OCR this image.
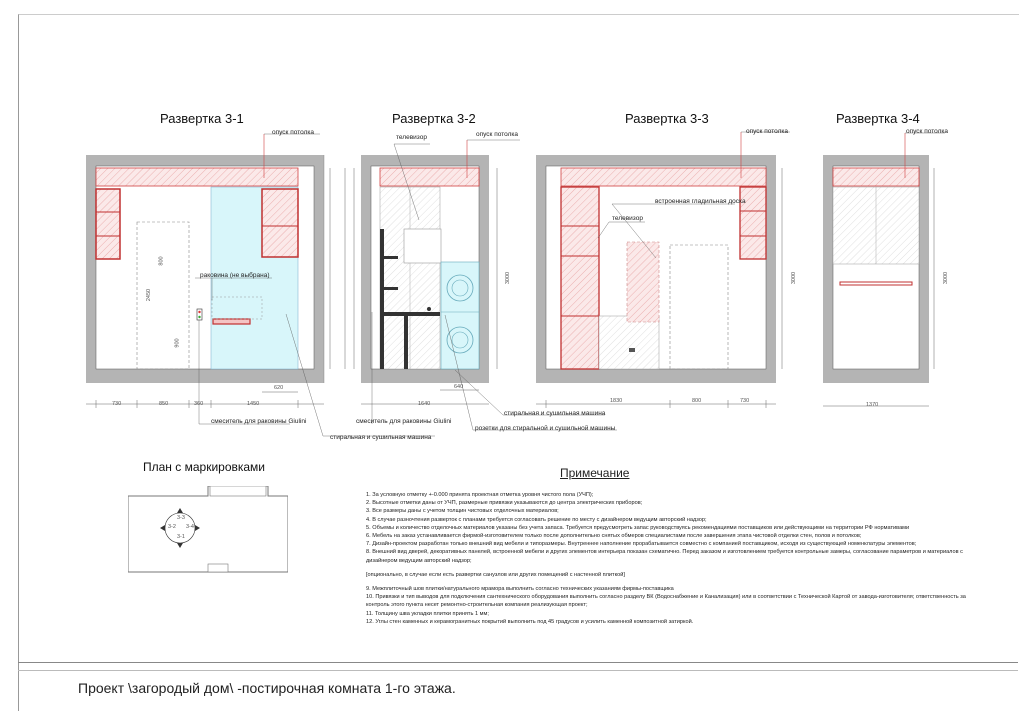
Развертка 3-1	Развертка 3-2	Развертка 3-3	Развертка 3-4
опуск потолка
раковина (не выбрана)
смеситель для раковины Giulini
стиральная и сушильная машина
телевизор	опуск потолка
смеситель для раковины Giulini
стиральная и сушильная машина
розетки для стиральной и сушильной машины
встроенная гладильная доска
телевизор
опуск потолка	опуск потолка
730	850	360	1450
620
2450
800
900
1640
640
3000
1830	800	730
3000
1370
3000
План с маркировками
3-3
3-2 3-4
3-1
Примечание

1. За условную отметку +-0.000 принята проектная отметка уровня чистого пола (УЧП);

2. Высотные отметки даны от УЧП, размерные привязки указываются до центра электрических приборов;

3. Все размеры даны с учетом толщин чистовых отделочных материалов;

4. В случае разночтения разверток с планами требуется согласовать решение по месту с дизайнером ведущим авторский надзор;

5. Объемы и количество отделочных материалов указаны без учета запаса. Требуется предусмотреть запас руководствуясь рекомендациями поставщиков или действующими на территории РФ нормативами

6. Мебель на заказ устанавливается фирмой-изготовителем только после дополнительно снятых обмеров специалистами после завершения этапа чистовой отделки стен, полов и потолков;

7. Дизайн-проектом разработан только внешний вид мебели и типоразмеры. Внутреннее наполнение прорабатывается совместно с компанией поставщиком, исходя из существующей номенклатуры элементов;

8. Внешний вид дверей, декоративных панелей, встроенной мебели и других элементов интерьера показан схематично. Перед заказом и изготовлением требуется контрольные замеры, согласование параметров и материалов с дизайнером ведущим авторский надзор;

[опционально, в случае если есть развертки санузлов или других помещений с настенной плиткой]

9. Межплиточный шов плитки/натурального мрамора выполнить согласно технических указаниям фирмы-поставщика

10. Привязки и тип выводов для подключения сантехнического оборудования выполнить согласно разделу ВК (Водоснабжение и Канализация) или в соответствии с Технической Картой от завода-изготовителя; ответственность за контроль этого пункта несет ремонтно-строительная компания реализующая проект;

11. Толщину шва укладки плитки принять 1 мм;

12. Углы стен каменных и керамогранитных покрытий выполнить под 45 градусов и усилить каменной композитной затиркой.

Проект \загородый дом\ -постирочная комната 1-го этажа.
